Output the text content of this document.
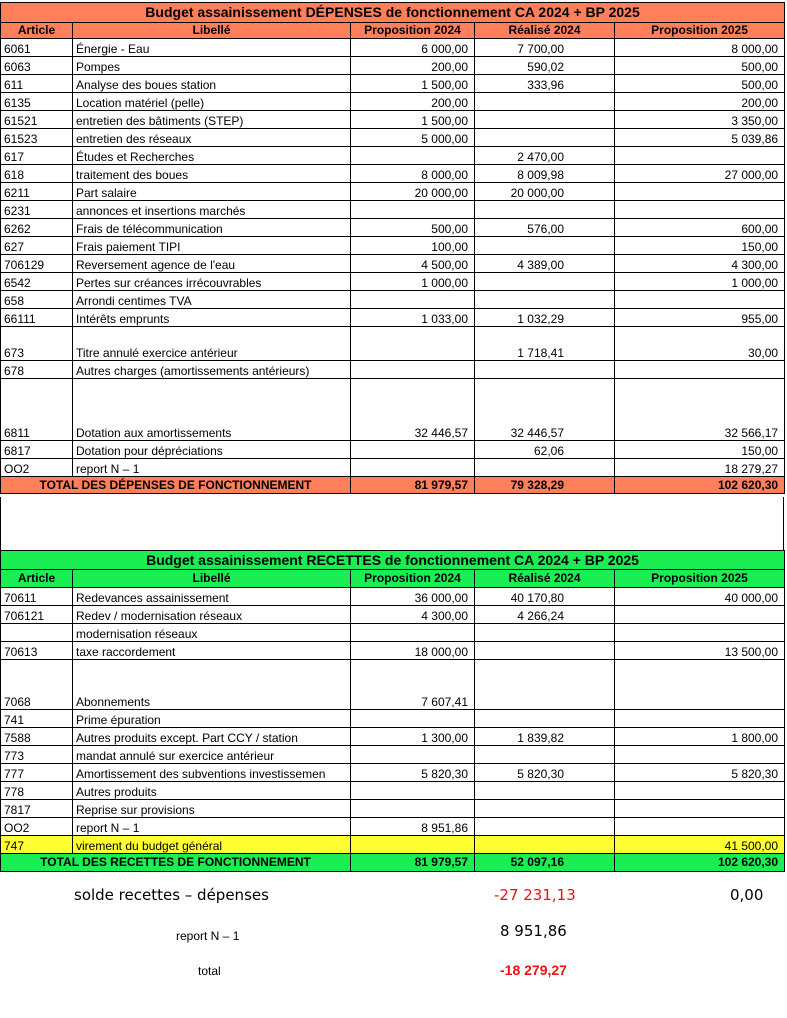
Budget assainissement DÉPENSES de fonctionnement CA 2024 + BP 2025				
Article	Libellé	Proposition 2024	Réalisé 2024	Proposition 2025
6061	Énergie - Eau	6 000,00	7 700,00	8 000,00
6063	Pompes	200,00	590,02	500,00
611	Analyse des boues station	1 500,00	333,96	500,00
6135	Location matériel (pelle)	200,00		200,00
61521	entretien des bâtiments (STEP)	1 500,00		3 350,00
61523	entretien des réseaux	5 000,00		5 039,86
617	Études et Recherches		2 470,00	
618	traitement des boues	8 000,00	8 009,98	27 000,00
6211	Part salaire	20 000,00	20 000,00	
6231	annonces et insertions marchés			
6262	Frais de télécommunication	500,00	576,00	600,00
627	Frais paiement TIPI	100,00		150,00
706129	Reversement agence de l'eau	4 500,00	4 389,00	4 300,00
6542	Pertes sur créances irrécouvrables	1 000,00		1 000,00
658	Arrondi centimes TVA			
66111	Intérêts emprunts	1 033,00	1 032,29	955,00
673	Titre annulé exercice antérieur		1 718,41	30,00
678	Autres charges (amortissements antérieurs)			
6811	Dotation aux amortissements	32 446,57	32 446,57	32 566,17
6817	Dotation pour dépréciations		62,06	150,00
OO2	report N – 1			18 279,27
TOTAL DES DÉPENSES DE FONCTIONNEMENT		81 979,57	79 328,29	102 620,30
Budget assainissement RECETTES de fonctionnement CA 2024 + BP 2025				
Article	Libellé	Proposition 2024	Réalisé 2024	Proposition 2025
70611	Redevances assainissement	36 000,00	40 170,80	40 000,00
706121	Redev / modernisation réseaux	4 300,00	4 266,24	
	modernisation réseaux			
70613	taxe raccordement	18 000,00		13 500,00
7068	Abonnements	7 607,41		
741	Prime épuration			
7588	Autres produits except. Part CCY / station	1 300,00	1 839,82	1 800,00
773	mandat annulé sur exercice antérieur			
777	Amortissement des subventions investissemen	5 820,30	5 820,30	5 820,30
778	Autres produits			
7817	Reprise sur provisions			
OO2	report N – 1	8 951,86		
747	virement du budget général			41 500,00
TOTAL DES RECETTES DE FONCTIONNEMENT		81 979,57	52 097,16	102 620,30
solde recettes – dépenses	-27 231,13	0,00
report N – 1	8 951,86
total	-18 279,27
